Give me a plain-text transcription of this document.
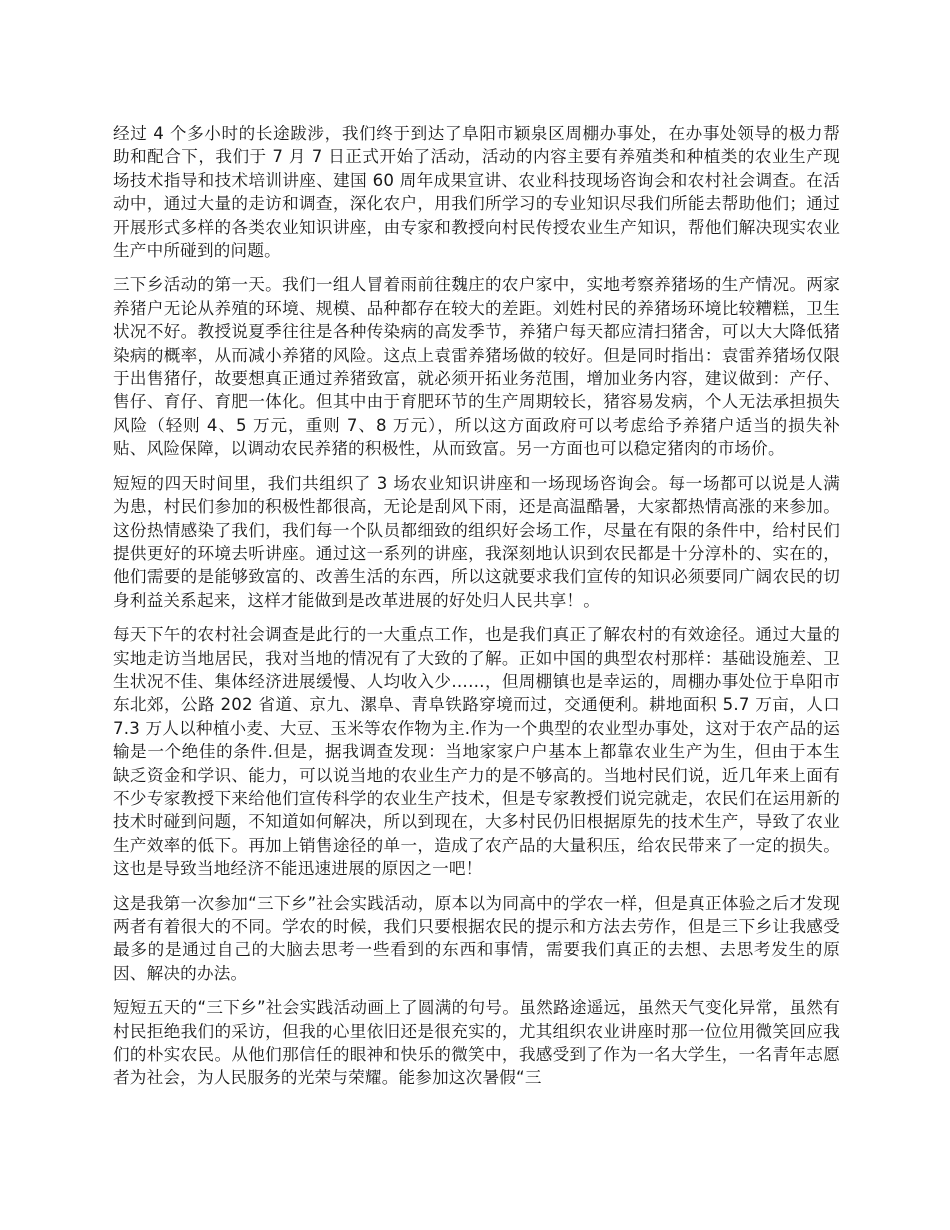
经过 4 个多小时的长途跋涉，我们终于到达了阜阳市颖泉区周棚办事处，在办事处领导的极力帮助和配合下，我们于 7 月 7 日正式开始了活动，活动的内容主要有养殖类和种植类的农业生产现场技术指导和技术培训讲座、建国 60 周年成果宣讲、农业科技现场咨询会和农村社会调查。在活动中，通过大量的走访和调查，深化农户，用我们所学习的专业知识尽我们所能去帮助他们；通过开展形式多样的各类农业知识讲座，由专家和教授向村民传授农业生产知识，帮他们解决现实农业生产中所碰到的问题。

三下乡活动的第一天。我们一组人冒着雨前往魏庄的农户家中，实地考察养猪场的生产情况。两家养猪户无论从养殖的环境、规模、品种都存在较大的差距。刘姓村民的养猪场环境比较糟糕，卫生状况不好。教授说夏季往往是各种传染病的高发季节，养猪户每天都应清扫猪舍，可以大大降低猪染病的概率，从而减小养猪的风险。这点上袁雷养猪场做的较好。但是同时指出：袁雷养猪场仅限于出售猪仔，故要想真正通过养猪致富，就必须开拓业务范围，增加业务内容，建议做到：产仔、售仔、育仔、育肥一体化。但其中由于育肥环节的生产周期较长，猪容易发病，个人无法承担损失风险（轻则 4、5 万元，重则 7、8 万元），所以这方面政府可以考虑给予养猪户适当的损失补贴、风险保障，以调动农民养猪的积极性，从而致富。另一方面也可以稳定猪肉的市场价。

短短的四天时间里，我们共组织了 3 场农业知识讲座和一场现场咨询会。每一场都可以说是人满为患，村民们参加的积极性都很高，无论是刮风下雨，还是高温酷暑，大家都热情高涨的来参加。这份热情感染了我们，我们每一个队员都细致的组织好会场工作，尽量在有限的条件中，给村民们提供更好的环境去听讲座。通过这一系列的讲座，我深刻地认识到农民都是十分淳朴的、实在的，他们需要的是能够致富的、改善生活的东西，所以这就要求我们宣传的知识必须要同广阔农民的切身利益关系起来，这样才能做到是改革进展的好处归人民共享！。

每天下午的农村社会调查是此行的一大重点工作，也是我们真正了解农村的有效途径。通过大量的实地走访当地居民，我对当地的情况有了大致的了解。正如中国的典型农村那样：基础设施差、卫生状况不佳、集体经济进展缓慢、人均收入少……，但周棚镇也是幸运的，周棚办事处位于阜阳市东北郊，公路 202 省道、京九、漯阜、青阜铁路穿境而过，交通便利。耕地面积 5.7 万亩，人口 7.3 万人以种植小麦、大豆、玉米等农作物为主.作为一个典型的农业型办事处，这对于农产品的运输是一个绝佳的条件.但是，据我调查发现：当地家家户户基本上都靠农业生产为生，但由于本生缺乏资金和学识、能力，可以说当地的农业生产力的是不够高的。当地村民们说，近几年来上面有不少专家教授下来给他们宣传科学的农业生产技术，但是专家教授们说完就走，农民们在运用新的技术时碰到问题，不知道如何解决，所以到现在，大多村民仍旧根据原先的技术生产，导致了农业生产效率的低下。再加上销售途径的单一，造成了农产品的大量积压，给农民带来了一定的损失。这也是导致当地经济不能迅速进展的原因之一吧！

这是我第一次参加“三下乡”社会实践活动，原本以为同高中的学农一样，但是真正体验之后才发现两者有着很大的不同。学农的时候，我们只要根据农民的提示和方法去劳作，但是三下乡让我感受最多的是通过自己的大脑去思考一些看到的东西和事情，需要我们真正的去想、去思考发生的原因、解决的办法。

短短五天的“三下乡”社会实践活动画上了圆满的句号。虽然路途遥远，虽然天气变化异常，虽然有村民拒绝我们的采访，但我的心里依旧还是很充实的，尤其组织农业讲座时那一位位用微笑回应我们的朴实农民。从他们那信任的眼神和快乐的微笑中，我感受到了作为一名大学生，一名青年志愿者为社会，为人民服务的光荣与荣耀。能参加这次暑假“三
